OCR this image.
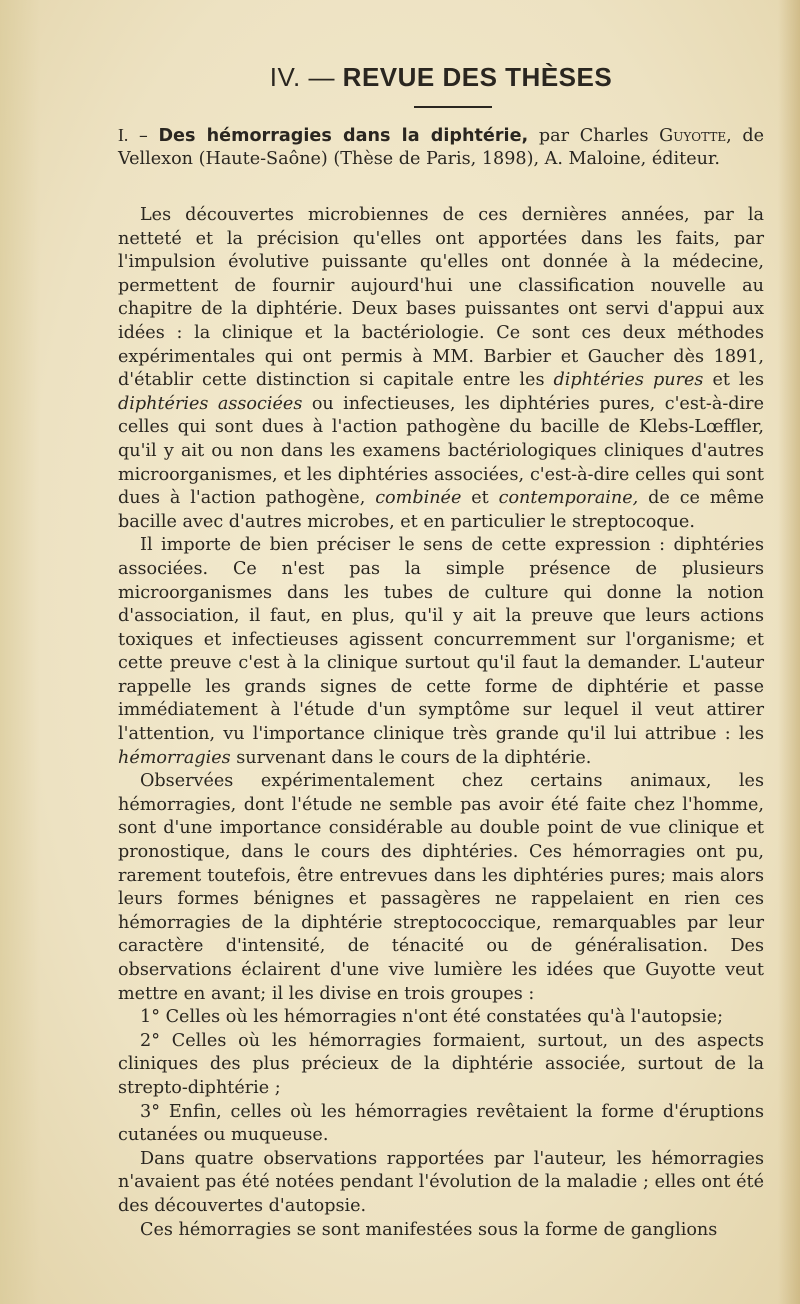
IV. — REVUE DES THÈSES
I. – Des hémorragies dans la diphtérie, par Charles Guyotte, de Vellexon (Haute-Saône) (Thèse de Paris, 1898), A. Maloine, éditeur.

Les découvertes microbiennes de ces dernières années, par la netteté et la précision qu'elles ont apportées dans les faits, par l'impulsion évolutive puissante qu'elles ont donnée à la médecine, permettent de fournir aujourd'hui une classification nouvelle au chapitre de la diphtérie. Deux bases puissantes ont servi d'appui aux idées : la clinique et la bactériologie. Ce sont ces deux méthodes expérimentales qui ont permis à MM. Barbier et Gaucher dès 1891, d'établir cette distinction si capitale entre les diphtéries pures et les diphtéries associées ou infectieuses, les diphtéries pures, c'est-à-dire celles qui sont dues à l'action pathogène du bacille de Klebs-Lœffler, qu'il y ait ou non dans les examens bactériologiques cliniques d'autres microorganismes, et les diphtéries associées, c'est-à-dire celles qui sont dues à l'action pathogène, combinée et contemporaine, de ce même bacille avec d'autres microbes, et en particulier le streptocoque.

Il importe de bien préciser le sens de cette expression : diphtéries associées. Ce n'est pas la simple présence de plusieurs microorganismes dans les tubes de culture qui donne la notion d'association, il faut, en plus, qu'il y ait la preuve que leurs actions toxiques et infectieuses agissent concurremment sur l'organisme; et cette preuve c'est à la clinique surtout qu'il faut la demander. L'auteur rappelle les grands signes de cette forme de diphtérie et passe immédiatement à l'étude d'un symptôme sur lequel il veut attirer l'attention, vu l'importance clinique très grande qu'il lui attribue : les hémorragies survenant dans le cours de la diphtérie.

Observées expérimentalement chez certains animaux, les hémorragies, dont l'étude ne semble pas avoir été faite chez l'homme, sont d'une importance considérable au double point de vue clinique et pronostique, dans le cours des diphtéries. Ces hémorragies ont pu, rarement toutefois, être entrevues dans les diphtéries pures; mais alors leurs formes bénignes et passagères ne rappelaient en rien ces hémorragies de la diphtérie streptococcique, remarquables par leur caractère d'intensité, de ténacité ou de généralisation. Des observations éclairent d'une vive lumière les idées que Guyotte veut mettre en avant; il les divise en trois groupes :

1° Celles où les hémorragies n'ont été constatées qu'à l'autopsie;

2° Celles où les hémorragies formaient, surtout, un des aspects cliniques des plus précieux de la diphtérie associée, surtout de la strepto-diphtérie ;

3° Enfin, celles où les hémorragies revêtaient la forme d'éruptions cutanées ou muqueuse.

Dans quatre observations rapportées par l'auteur, les hémorragies n'avaient pas été notées pendant l'évolution de la maladie ; elles ont été des découvertes d'autopsie.

Ces hémorragies se sont manifestées sous la forme de ganglions
